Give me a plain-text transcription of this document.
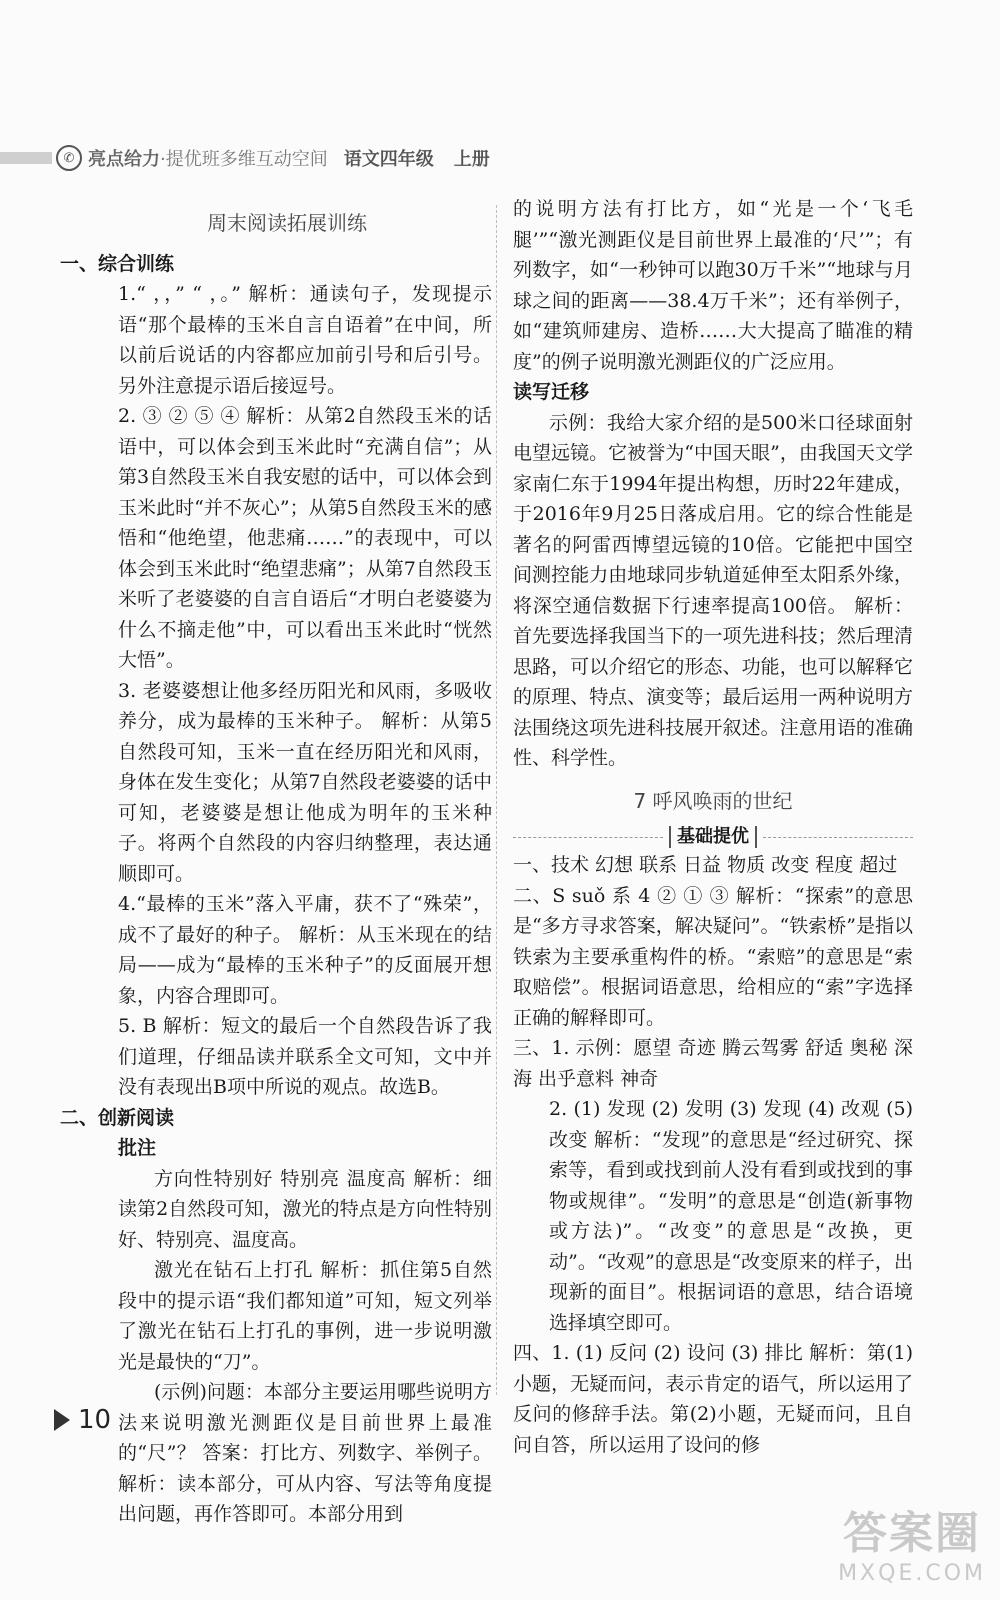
✆ 亮点给力 ·提优班多维互动空间 语文四年级 上册
周末阅读拓展训练
一、综合训练

1.“ ，，” “ ，。” 解析：通读句子，发现提示语“那个最棒的玉米自言自语着”在中间，所以前后说话的内容都应加前引号和后引号。另外注意提示语后接逗号。

2. ③ ② ⑤ ④ 解析：从第2自然段玉米的话语中，可以体会到玉米此时“充满自信”；从第3自然段玉米自我安慰的话中，可以体会到玉米此时“并不灰心”；从第5自然段玉米的感悟和“他绝望，他悲痛……”的表现中，可以体会到玉米此时“绝望悲痛”；从第7自然段玉米听了老婆婆的自言自语后“才明白老婆婆为什么不摘走他”中，可以看出玉米此时“恍然大悟”。

3. 老婆婆想让他多经历阳光和风雨，多吸收养分，成为最棒的玉米种子。 解析：从第5自然段可知，玉米一直在经历阳光和风雨，身体在发生变化；从第7自然段老婆婆的话中可知，老婆婆是想让他成为明年的玉米种子。将两个自然段的内容归纳整理，表达通顺即可。

4.“最棒的玉米”落入平庸，获不了“殊荣”，成不了最好的种子。 解析：从玉米现在的结局——成为“最棒的玉米种子”的反面展开想象，内容合理即可。

5. B 解析：短文的最后一个自然段告诉了我们道理，仔细品读并联系全文可知，文中并没有表现出B项中所说的观点。故选B。

二、创新阅读
批注

方向性特别好 特别亮 温度高 解析：细读第2自然段可知，激光的特点是方向性特别好、特别亮、温度高。

激光在钻石上打孔 解析：抓住第5自然段中的提示语“我们都知道”可知，短文列举了激光在钻石上打孔的事例，进一步说明激光是最快的“刀”。

(示例)问题：本部分主要运用哪些说明方法来说明激光测距仪是目前世界上最准的“尺”？ 答案：打比方、列数字、举例子。 解析：读本部分，可从内容、写法等角度提出问题，再作答即可。本部分用到

的说明方法有打比方，如“光是一个‘飞毛腿’”“激光测距仪是目前世界上最准的‘尺’”；有列数字，如“一秒钟可以跑30万千米”“地球与月球之间的距离——38.4万千米”；还有举例子，如“建筑师建房、造桥……大大提高了瞄准的精度”的例子说明激光测距仪的广泛应用。

读写迁移

示例：我给大家介绍的是500米口径球面射电望远镜。它被誉为“中国天眼”，由我国天文学家南仁东于1994年提出构想，历时22年建成，于2016年9月25日落成启用。它的综合性能是著名的阿雷西博望远镜的10倍。它能把中国空间测控能力由地球同步轨道延伸至太阳系外缘，将深空通信数据下行速率提高100倍。 解析：首先要选择我国当下的一项先进科技；然后理清思路，可以介绍它的形态、功能，也可以解释它的原理、特点、演变等；最后运用一两种说明方法围绕这项先进科技展开叙述。注意用语的准确性、科学性。

7 呼风唤雨的世纪
基础提优

一、技术 幻想 联系 日益 物质 改变 程度 超过

二、S suǒ 系 4 ② ① ③ 解析：“探索”的意思是“多方寻求答案，解决疑问”。“铁索桥”是指以铁索为主要承重构件的桥。“索赔”的意思是“索取赔偿”。根据词语意思，给相应的“索”字选择正确的解释即可。

三、1. 示例：愿望 奇迹 腾云驾雾 舒适 奥秘 深海 出乎意料 神奇

2. (1) 发现 (2) 发明 (3) 发现 (4) 改观 (5) 改变 解析：“发现”的意思是“经过研究、探索等，看到或找到前人没有看到或找到的事物或规律”。“发明”的意思是“创造(新事物或方法)”。“改变”的意思是“改换，更动”。“改观”的意思是“改变原来的样子，出现新的面目”。根据词语的意思，结合语境选择填空即可。

四、1. (1) 反问 (2) 设问 (3) 排比 解析：第(1)小题，无疑而问，表示肯定的语气，所以运用了反问的修辞手法。第(2)小题，无疑而问，且自问自答，所以运用了设问的修

10
答案圈
MXQE.COM
